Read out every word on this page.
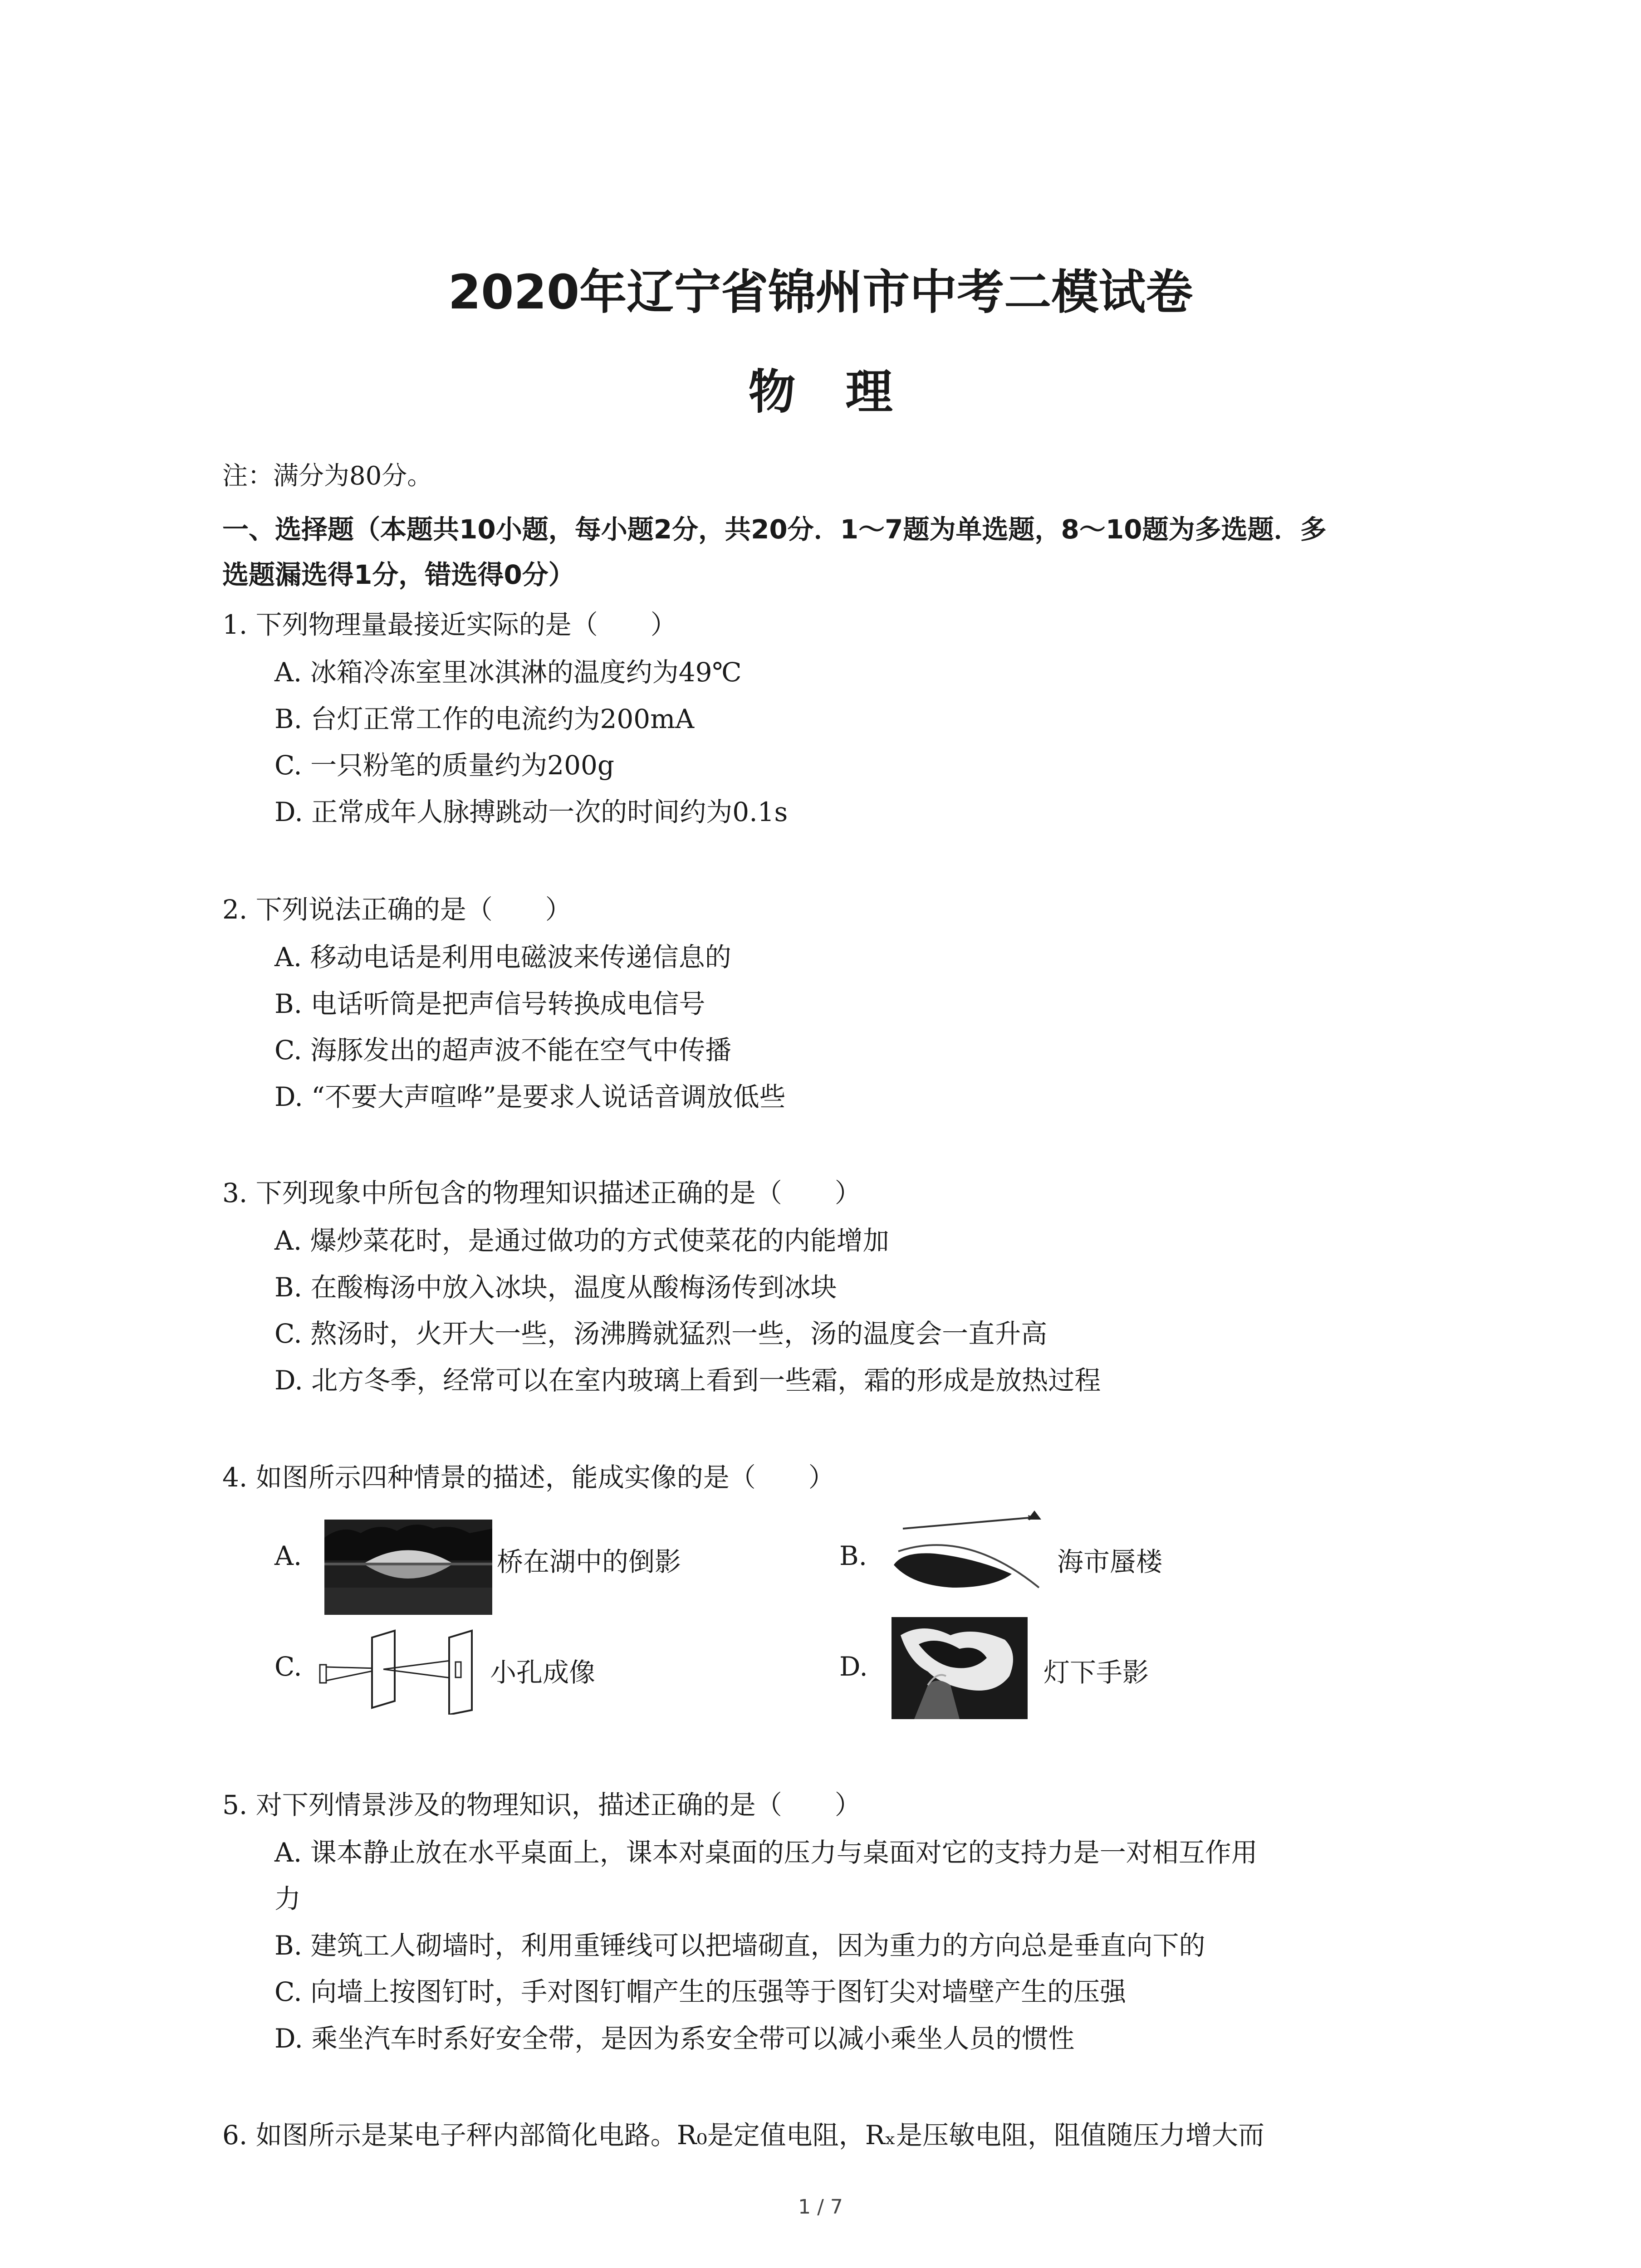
2020年辽宁省锦州市中考二模试卷
物理
注：满分为80分。
一、选择题（本题共10小题，每小题2分，共20分．1～7题为单选题，8～10题为多选题．多
选题漏选得1分，错选得0分）
1. 下列物理量最接近实际的是（　　）
A. 冰箱冷冻室里冰淇淋的温度约为49℃
B. 台灯正常工作的电流约为200mA
C. 一只粉笔的质量约为200g
D. 正常成年人脉搏跳动一次的时间约为0.1s
2. 下列说法正确的是（　　）
A. 移动电话是利用电磁波来传递信息的
B. 电话听筒是把声信号转换成电信号
C. 海豚发出的超声波不能在空气中传播
D. “不要大声喧哗”是要求人说话音调放低些
3. 下列现象中所包含的物理知识描述正确的是（　　）
A. 爆炒菜花时，是通过做功的方式使菜花的内能增加
B. 在酸梅汤中放入冰块，温度从酸梅汤传到冰块
C. 熬汤时，火开大一些，汤沸腾就猛烈一些，汤的温度会一直升高
D. 北方冬季，经常可以在室内玻璃上看到一些霜，霜的形成是放热过程
4. 如图所示四种情景的描述，能成实像的是（　　）
A.	桥在湖中的倒影	B.	海市蜃楼
C.	小孔成像	D.	灯下手影
5. 对下列情景涉及的物理知识，描述正确的是（　　）
A. 课本静止放在水平桌面上，课本对桌面的压力与桌面对它的支持力是一对相互作用
力
B. 建筑工人砌墙时，利用重锤线可以把墙砌直，因为重力的方向总是垂直向下的
C. 向墙上按图钉时，手对图钉帽产生的压强等于图钉尖对墙壁产生的压强
D. 乘坐汽车时系好安全带，是因为系安全带可以减小乘坐人员的惯性
6. 如图所示是某电子秤内部简化电路。R₀是定值电阻，Rₓ是压敏电阻，阻值随压力增大而
1 / 7
